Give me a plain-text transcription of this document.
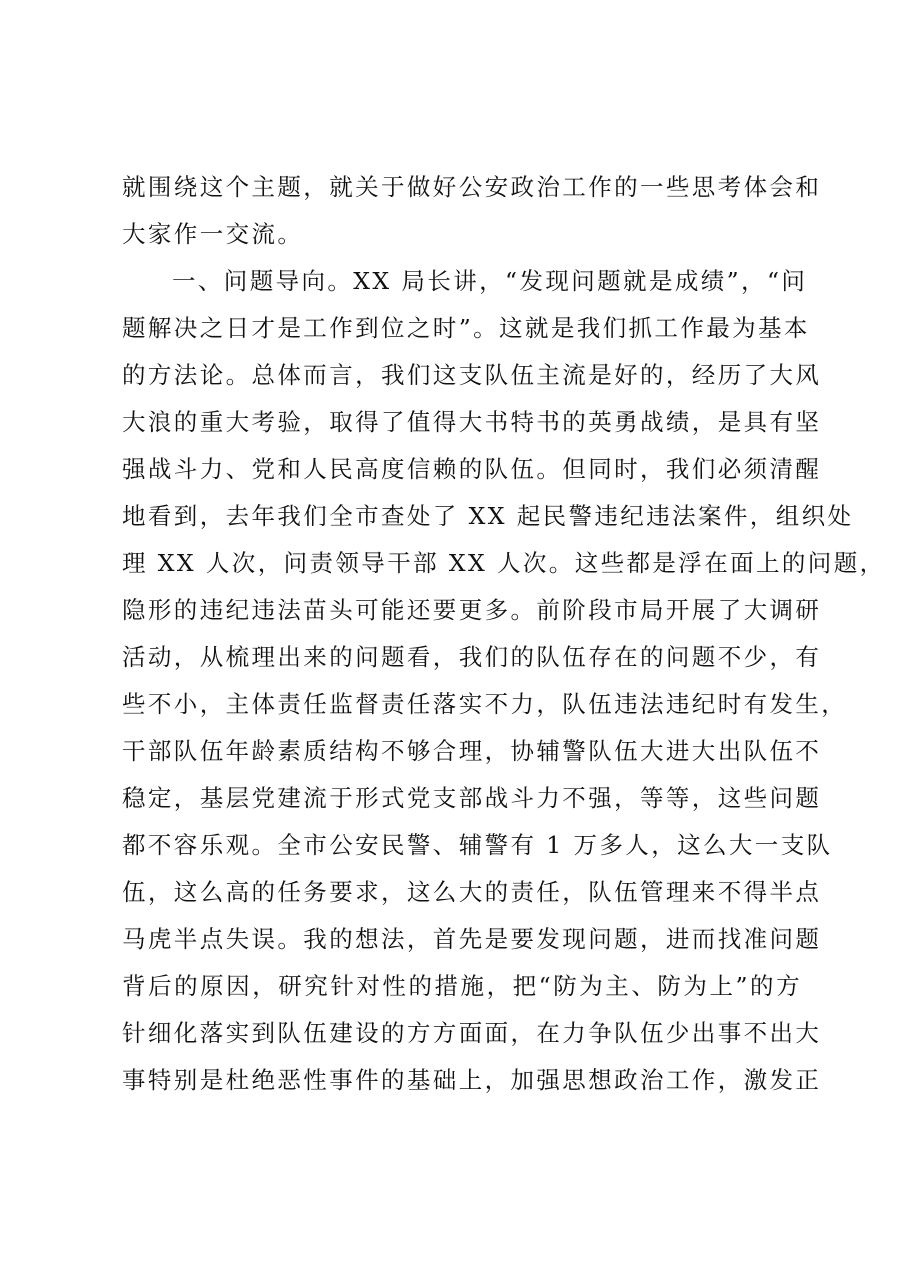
就围绕这个主题，就关于做好公安政治工作的一些思考体会和
大家作一交流。
一、问题导向。XX 局长讲，“发现问题就是成绩”，“问
题解决之日才是工作到位之时”。这就是我们抓工作最为基本
的方法论。总体而言，我们这支队伍主流是好的，经历了大风
大浪的重大考验，取得了值得大书特书的英勇战绩，是具有坚
强战斗力、党和人民高度信赖的队伍。但同时，我们必须清醒
地看到，去年我们全市查处了 XX 起民警违纪违法案件，组织处
理 XX 人次，问责领导干部 XX 人次。这些都是浮在面上的问题，
隐形的违纪违法苗头可能还要更多。前阶段市局开展了大调研
活动，从梳理出来的问题看，我们的队伍存在的问题不少，有
些不小，主体责任监督责任落实不力，队伍违法违纪时有发生，
干部队伍年龄素质结构不够合理，协辅警队伍大进大出队伍不
稳定，基层党建流于形式党支部战斗力不强，等等，这些问题
都不容乐观。全市公安民警、辅警有 1 万多人，这么大一支队
伍，这么高的任务要求，这么大的责任，队伍管理来不得半点
马虎半点失误。我的想法，首先是要发现问题，进而找准问题
背后的原因，研究针对性的措施，把“防为主、防为上”的方
针细化落实到队伍建设的方方面面，在力争队伍少出事不出大
事特别是杜绝恶性事件的基础上，加强思想政治工作，激发正
